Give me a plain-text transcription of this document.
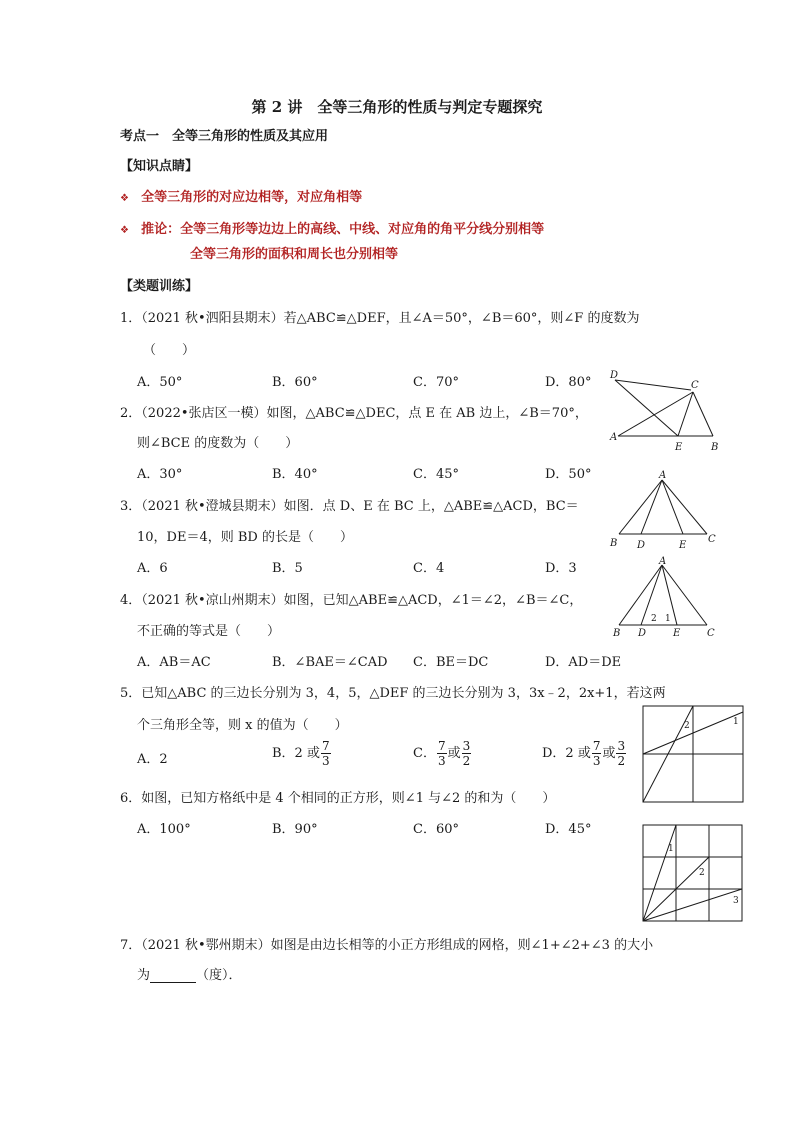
第 2 讲　全等三角形的性质与判定专题探究
考点一　全等三角形的性质及其应用
【知识点睛】
❖ 全等三角形的对应边相等，对应角相等
❖ 推论：全等三角形等边边上的高线、中线、对应角的角平分线分别相等
全等三角形的面积和周长也分别相等
【类题训练】
1．（2021 秋•泗阳县期末）若△ABC≌△DEF，且∠A＝50°，∠B＝60°，则∠F 的度数为
（　　）
A．50°	B．60°	C．70°	D．80°
2．（2022•张店区一模）如图，△ABC≌△DEC，点 E 在 AB 边上，∠B＝70°，
则∠BCE 的度数为（　　）
A．30°	B．40°	C．45°	D．50°
3．（2021 秋•澄城县期末）如图．点 D、E 在 BC 上，△ABE≌△ACD，BC＝
10，DE＝4，则 BD 的长是（　　）
A．6	B．5	C．4	D．3
4．（2021 秋•凉山州期末）如图，已知△ABE≌△ACD，∠1＝∠2，∠B＝∠C，
不正确的等式是（　　）
A．AB＝AC	B．∠BAE＝∠CAD C．BE＝DC	D．AD＝DE
5．已知△ABC 的三边长分别为 3，4，5，△DEF 的三边长分别为 3，3x﹣2，2x+1，若这两
个三角形全等，则 x 的值为（　　）
A．2	B．2 或 $\frac{7}{3}$	C． $\frac{7}{3}$ 或 $\frac{3}{2}$	D．2 或 $\frac{7}{3}$ 或 $\frac{3}{2}$
6．如图，已知方格纸中是 4 个相同的正方形，则∠1 与∠2 的和为（　　）
A．100°	B．90°	C．60°	D．45°
7．（2021 秋•鄂州期末）如图是由边长相等的小正方形组成的网格，则∠1+∠2+∠3 的大小
为	（度）．
D
C
A
E	B
A
B D	E
C
A
B D	E	C
2 1
2	1
1
2
3
